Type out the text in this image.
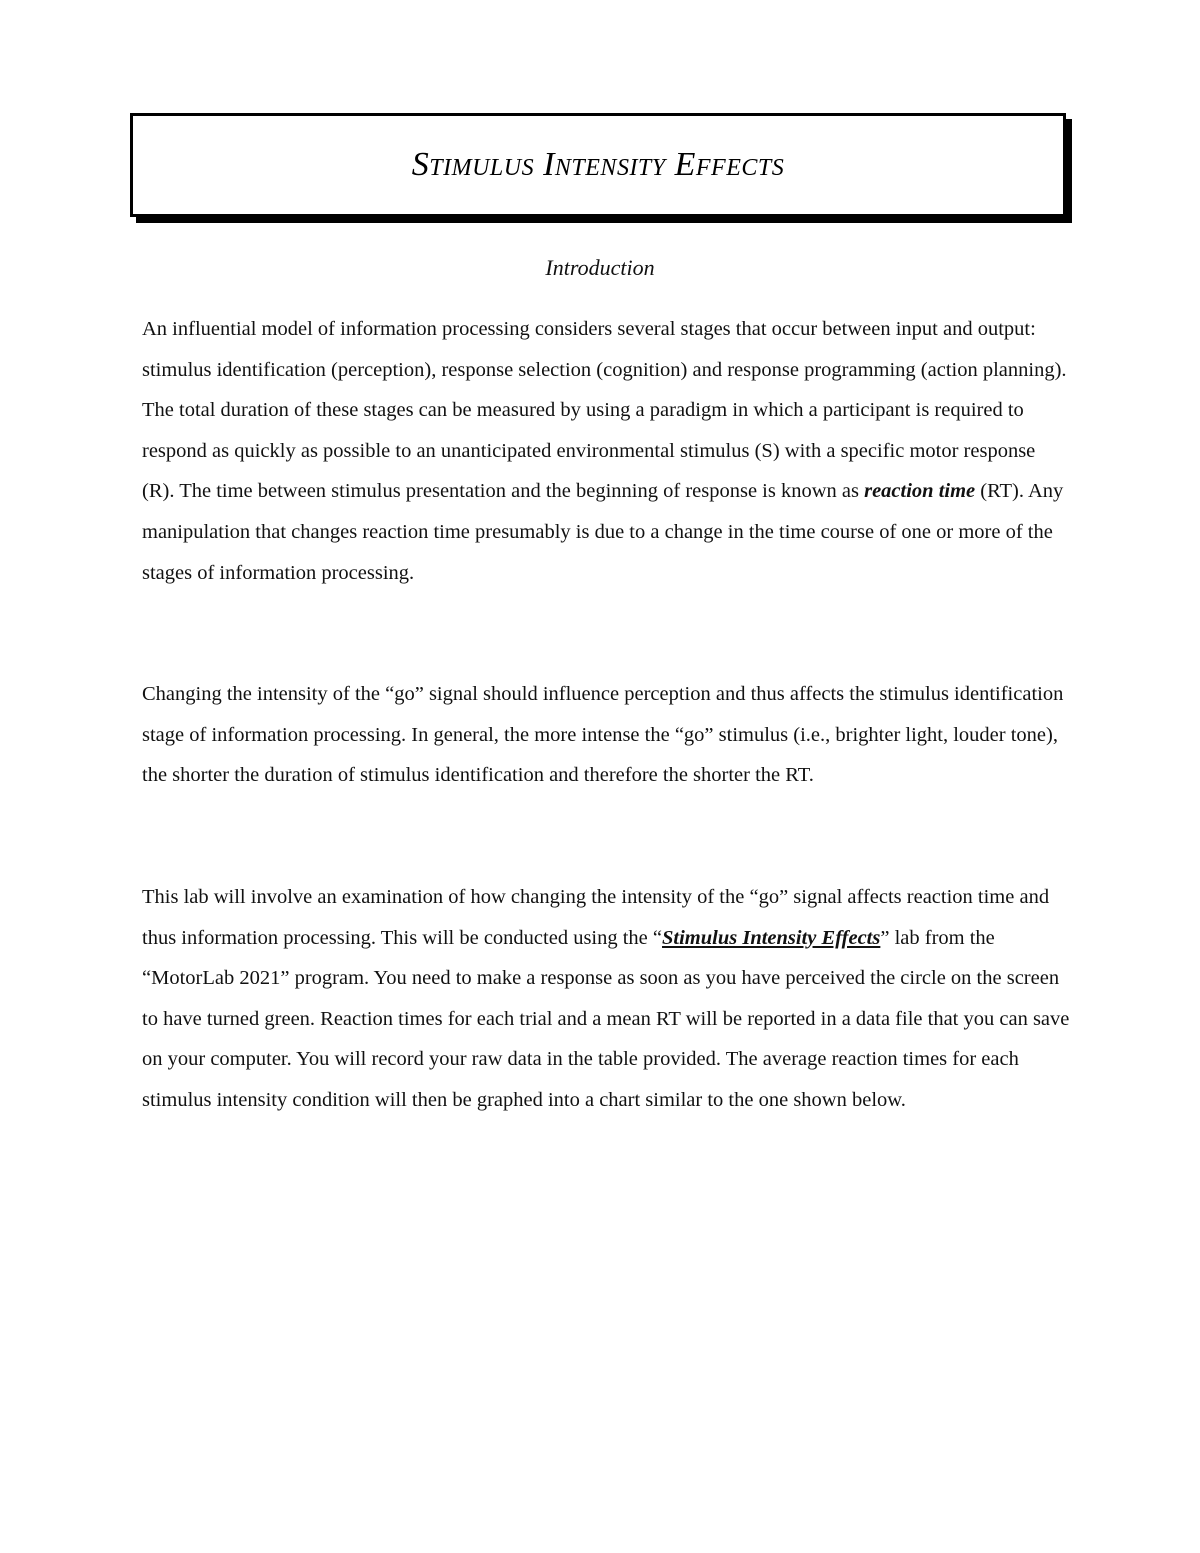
Stimulus Intensity Effects
Introduction

An influential model of information processing considers several stages that occur between input and output: stimulus identification (perception), response selection (cognition) and response programming (action planning). The total duration of these stages can be measured by using a paradigm in which a participant is required to respond as quickly as possible to an unanticipated environmental stimulus (S) with a specific motor response (R). The time between stimulus presentation and the beginning of response is known as reaction time (RT). Any manipulation that changes reaction time presumably is due to a change in the time course of one or more of the stages of information processing.

Changing the intensity of the “go” signal should influence perception and thus affects the stimulus identification stage of information processing. In general, the more intense the “go” stimulus (i.e., brighter light, louder tone), the shorter the duration of stimulus identification and therefore the shorter the RT.

This lab will involve an examination of how changing the intensity of the “go” signal affects reaction time and thus information processing. This will be conducted using the “Stimulus Intensity Effects” lab from the “MotorLab 2021” program. You need to make a response as soon as you have perceived the circle on the screen to have turned green. Reaction times for each trial and a mean RT will be reported in a data file that you can save on your computer. You will record your raw data in the table provided. The average reaction times for each stimulus intensity condition will then be graphed into a chart similar to the one shown below.
